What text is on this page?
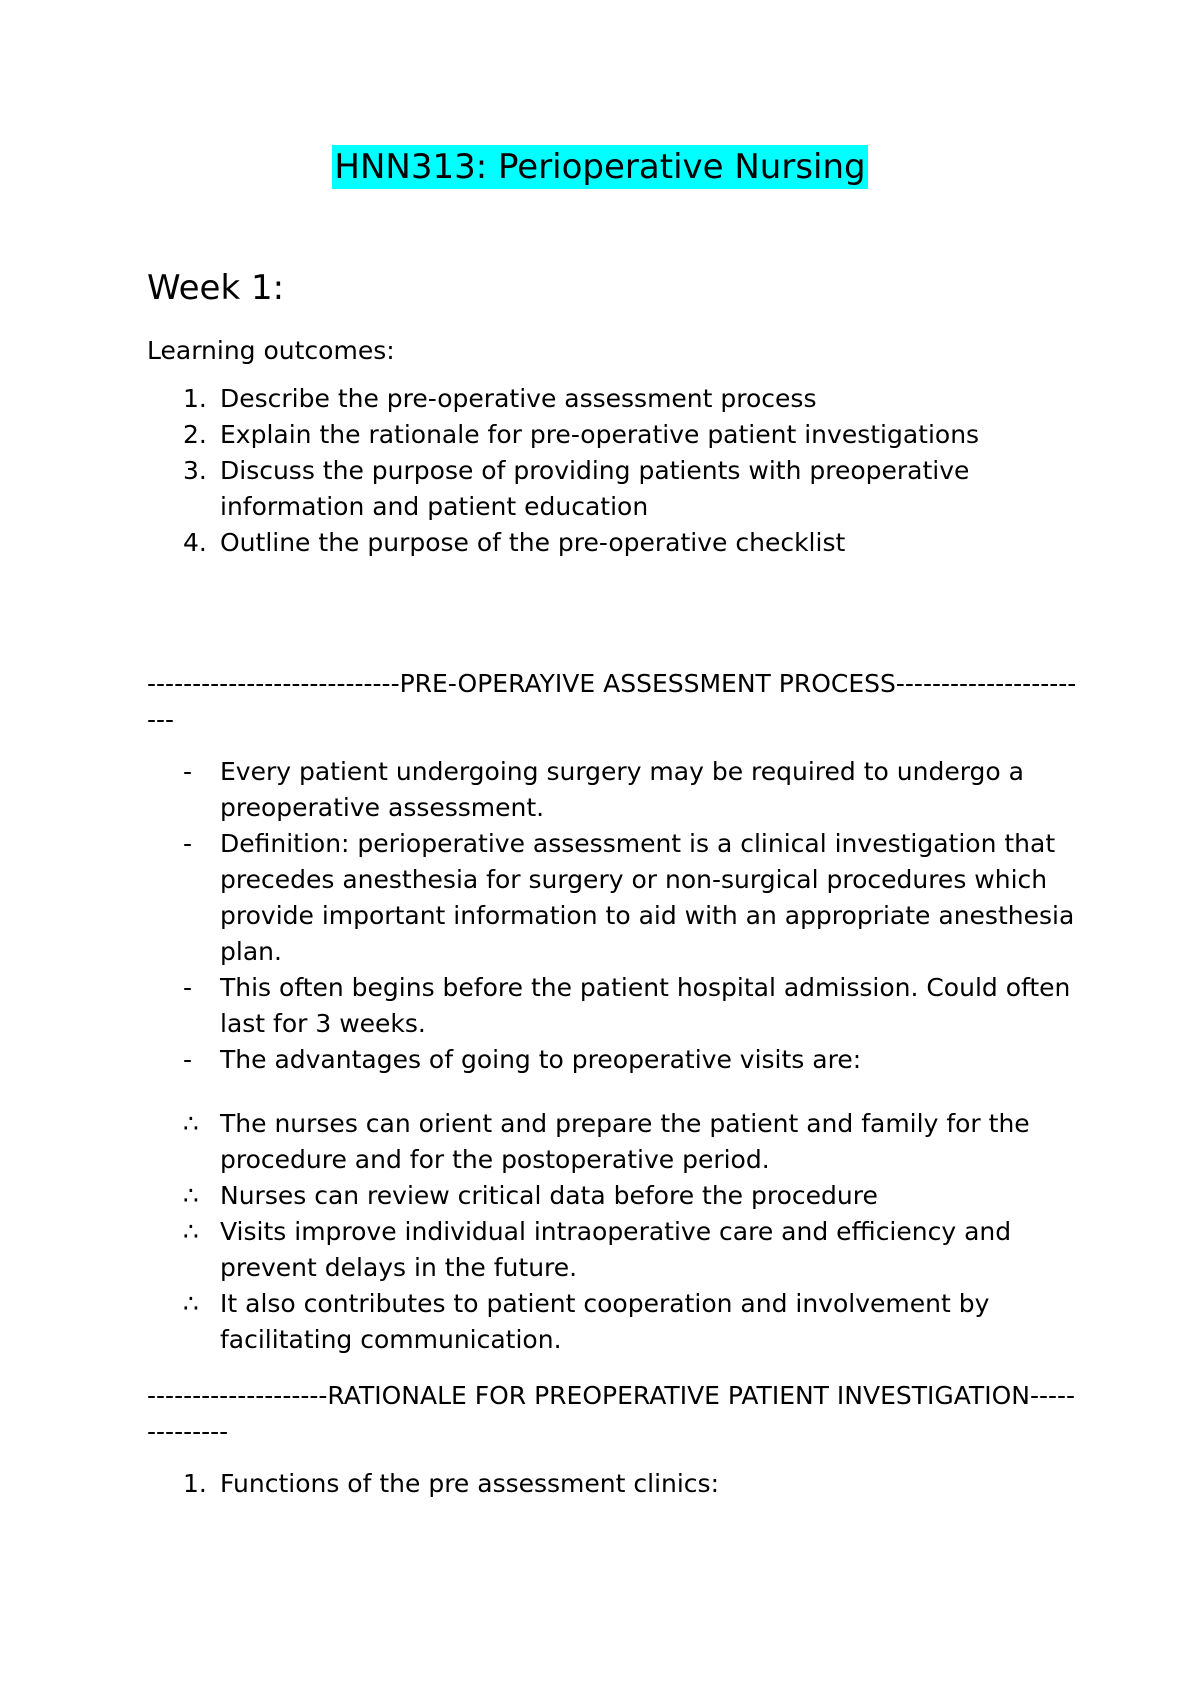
HNN313: Perioperative Nursing
Week 1:
Learning outcomes:
1. Describe the pre-operative assessment process
2. Explain the rationale for pre-operative patient investigations
3. Discuss the purpose of providing patients with preoperative information and patient education
4. Outline the purpose of the pre-operative checklist
----------------------------PRE-OPERAYIVE ASSESSMENT PROCESS-----------------------
-	Every patient undergoing surgery may be required to undergo a preoperative assessment.
-	Definition: perioperative assessment is a clinical investigation that precedes anesthesia for surgery or non-surgical procedures which provide important information to aid with an appropriate anesthesia plan.
-	This often begins before the patient hospital admission. Could often last for 3 weeks.
-	The advantages of going to preoperative visits are:
∴ The nurses can orient and prepare the patient and family for the procedure and for the postoperative period.
∴ Nurses can review critical data before the procedure
∴ Visits improve individual intraoperative care and efficiency and prevent delays in the future.
∴ It also contributes to patient cooperation and involvement by facilitating communication.
--------------------RATIONALE FOR PREOPERATIVE PATIENT INVESTIGATION--------------
1. Functions of the pre assessment clinics:
